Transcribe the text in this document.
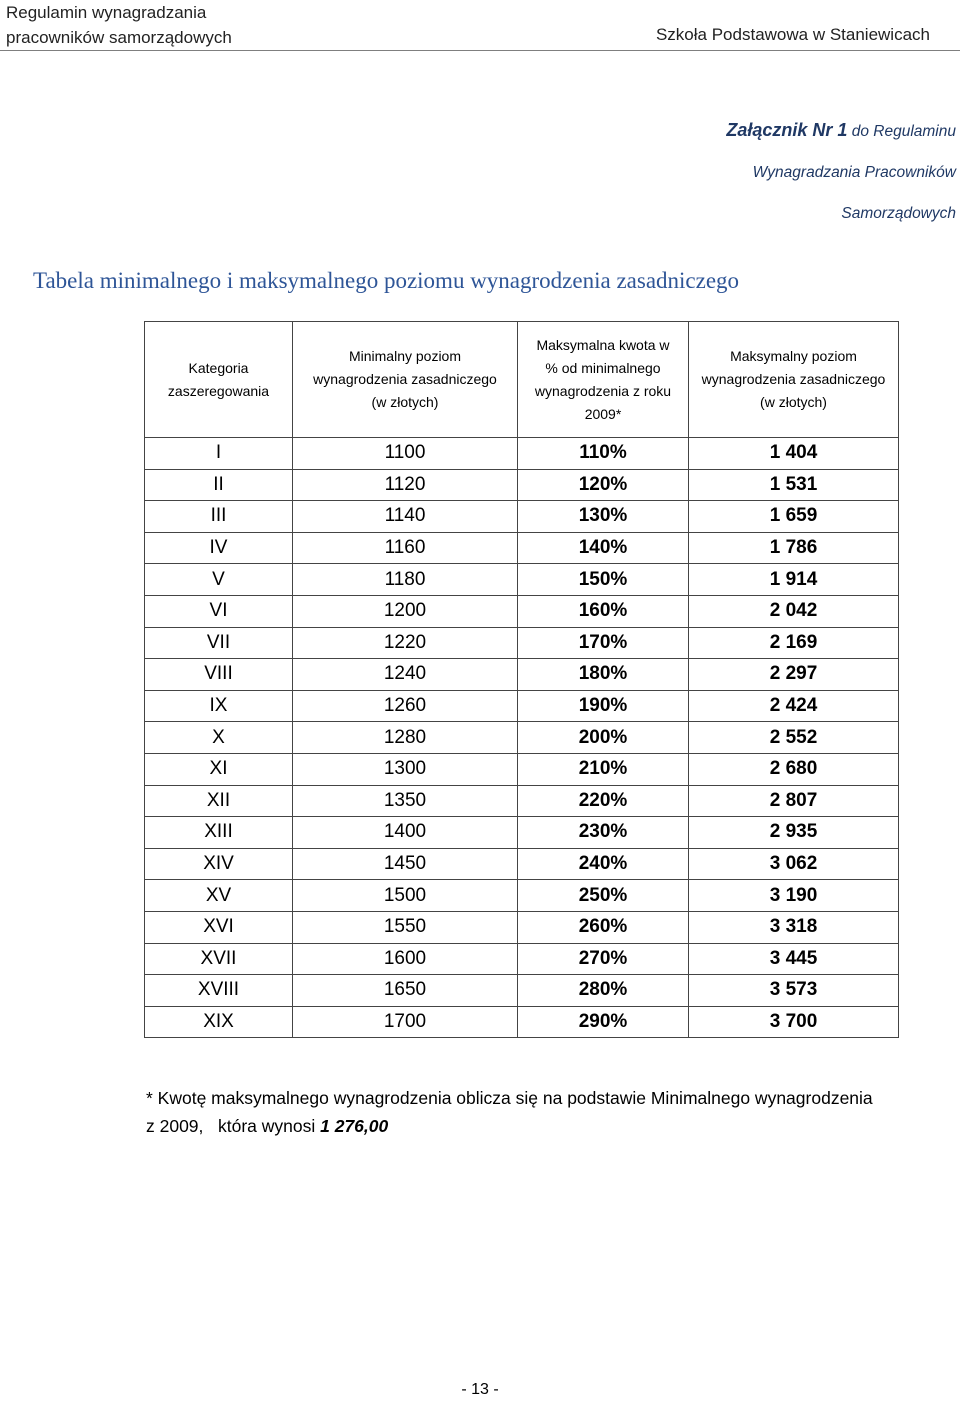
Regulamin wynagradzania
pracowników samorządowych	Szkoła Podstawowa w Staniewicach
Załącznik Nr 1 do Regulaminu
Wynagradzania Pracowników
Samorządowych
Tabela minimalnego i maksymalnego poziomu wynagrodzenia zasadniczego
Kategoria zaszeregowania	Minimalny poziom wynagrodzenia zasadniczego (w złotych)	Maksymalna kwota w % od minimalnego wynagrodzenia z roku 2009*	Maksymalny poziom wynagrodzenia zasadniczego (w złotych)
I	1100	110%	1 404
II	1120	120%	1 531
III	1140	130%	1 659
IV	1160	140%	1 786
V	1180	150%	1 914
VI	1200	160%	2 042
VII	1220	170%	2 169
VIII	1240	180%	2 297
IX	1260	190%	2 424
X	1280	200%	2 552
XI	1300	210%	2 680
XII	1350	220%	2 807
XIII	1400	230%	2 935
XIV	1450	240%	3 062
XV	1500	250%	3 190
XVI	1550	260%	3 318
XVII	1600	270%	3 445
XVIII	1650	280%	3 573
XIX	1700	290%	3 700
* Kwotę maksymalnego wynagrodzenia oblicza się na podstawie Minimalnego wynagrodzenia
z 2009,   która wynosi 1 276,00
- 13 -
